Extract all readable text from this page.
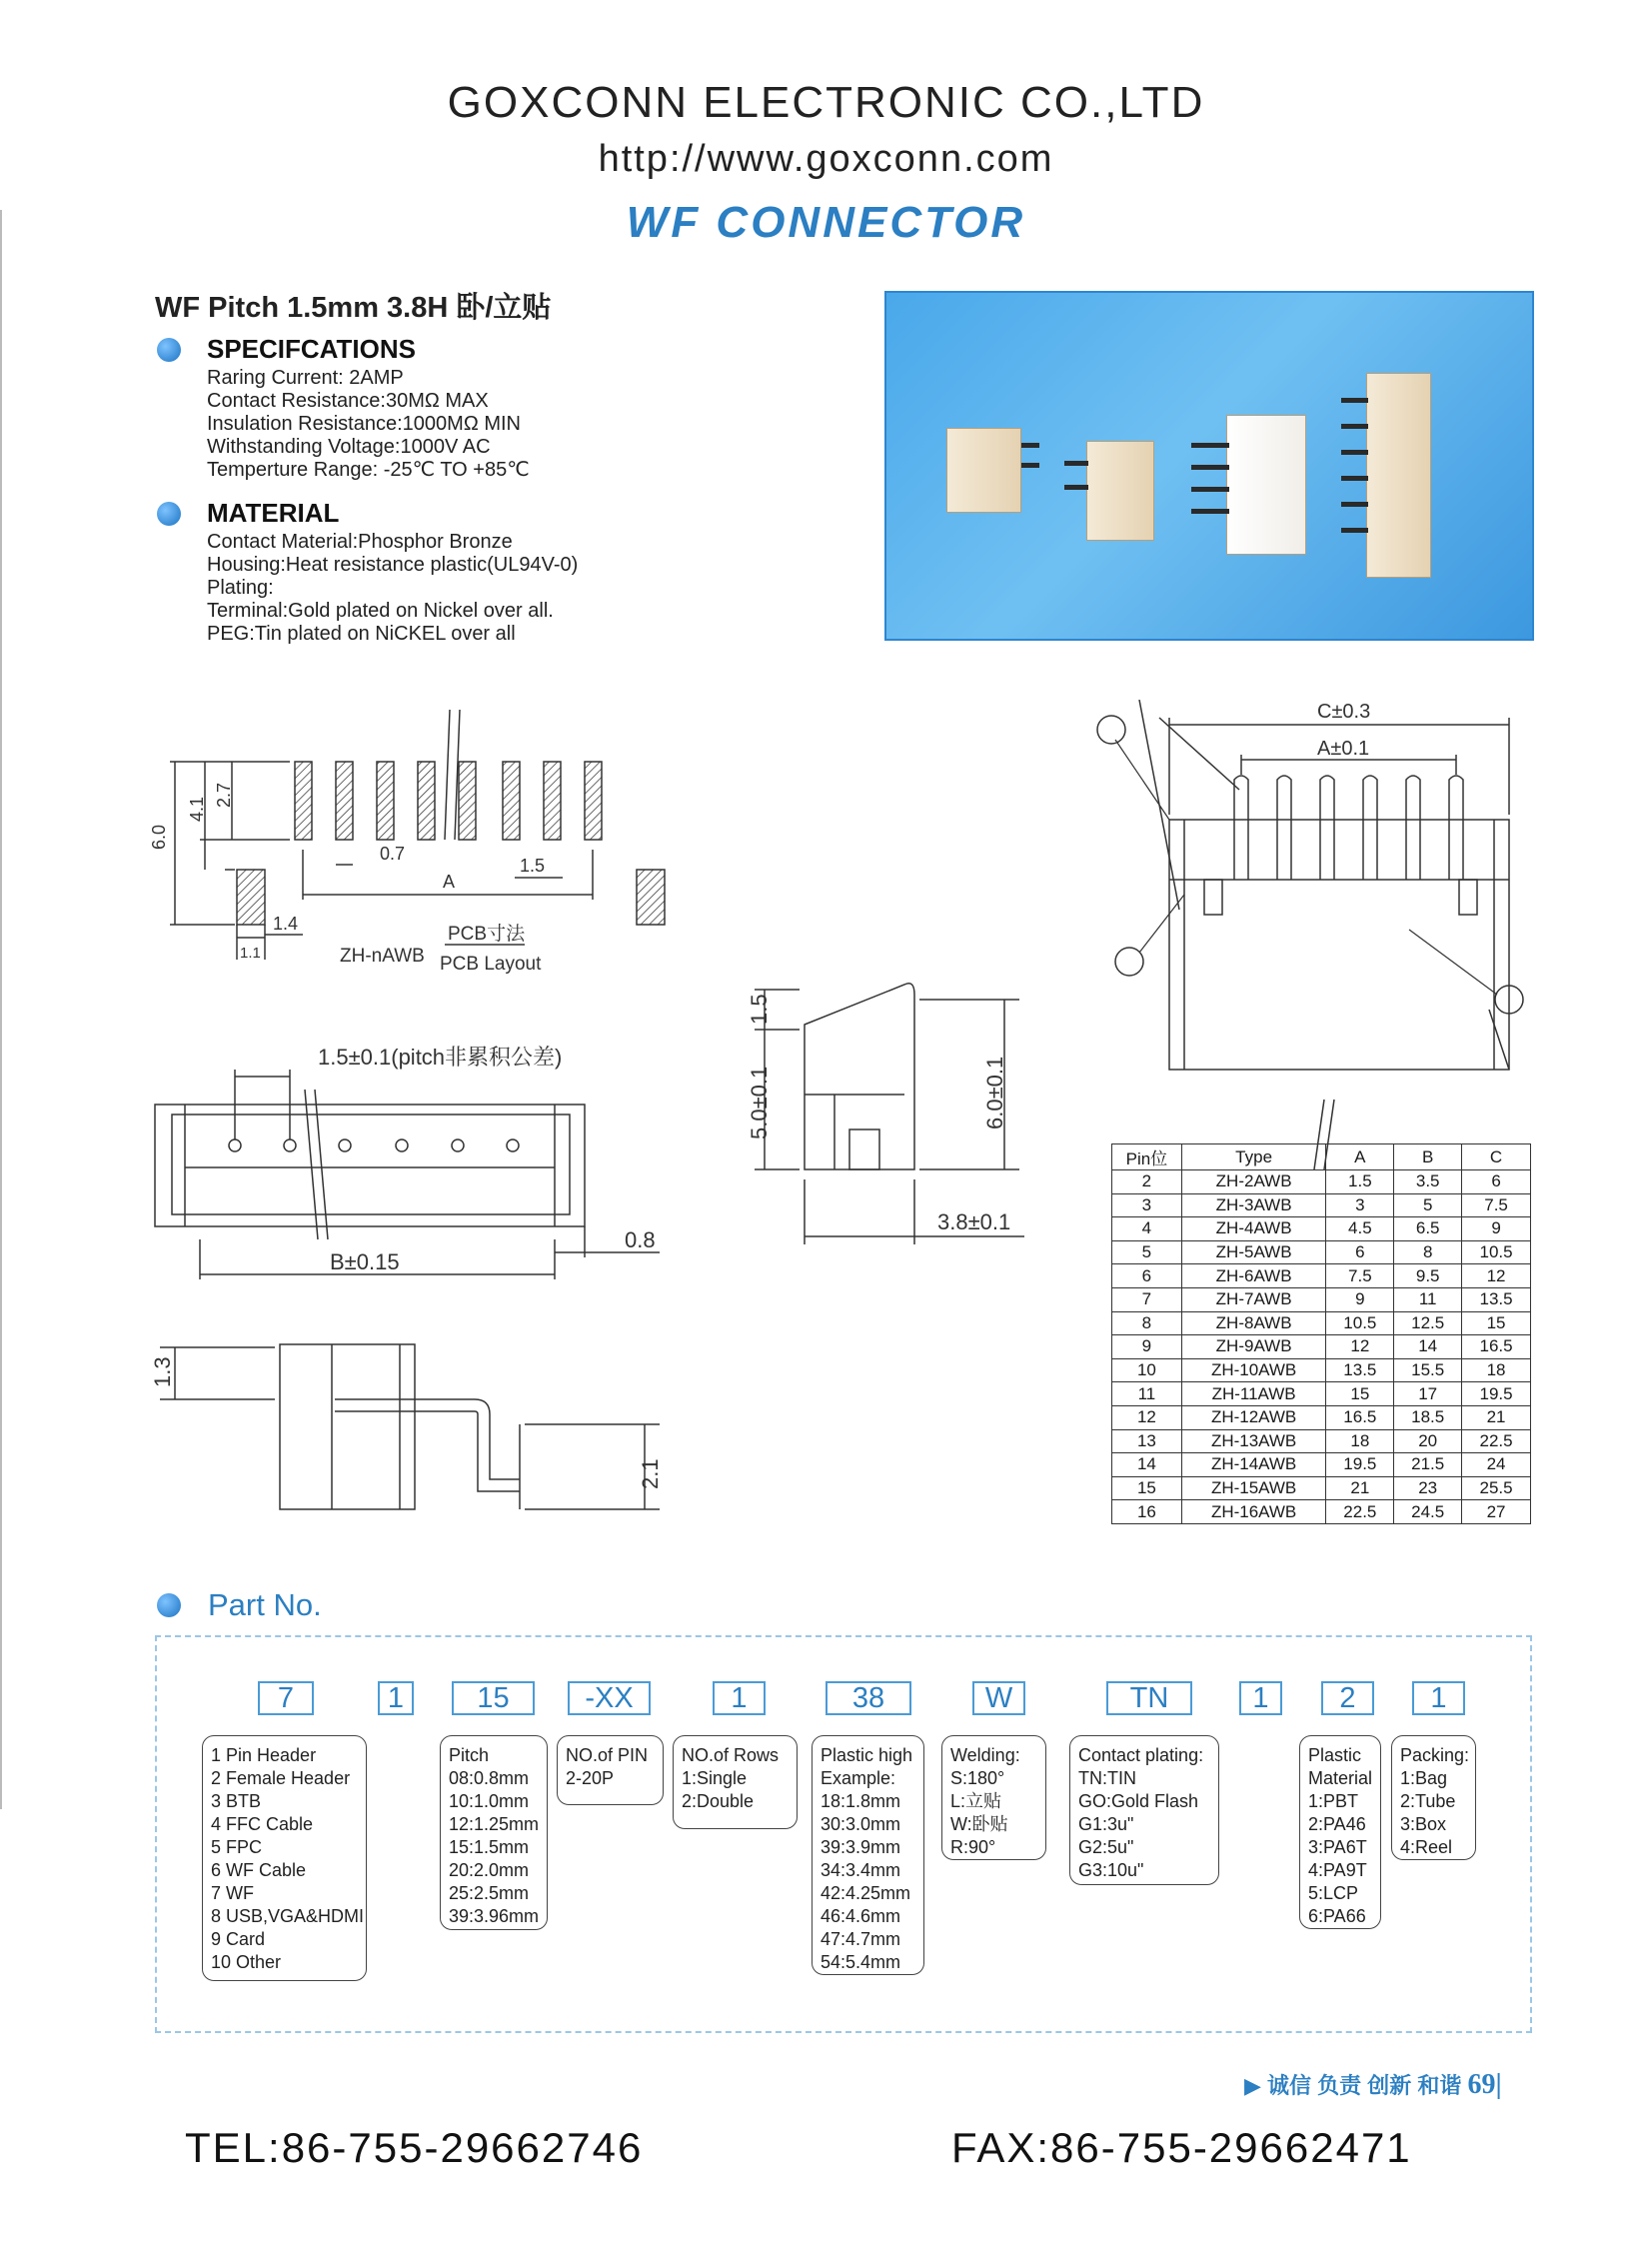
GOXCONN ELECTRONIC CO.,LTD
http://www.goxconn.com
WF CONNECTOR
WF Pitch 1.5mm 3.8H 卧/立贴
SPECIFCATIONS
Raring Current: 2AMP
Contact Resistance:30MΩ MAX
Insulation Resistance:1000MΩ MIN
Withstanding Voltage:1000V AC
Temperture Range: -25℃ TO +85℃
MATERIAL
Contact Material:Phosphor Bronze
Housing:Heat resistance plastic(UL94V-0)
Plating:
Terminal:Gold plated on Nickel over all.
PEG:Tin plated on NiCKEL over all
6.0
4.1
2.7
0.7
1.5
A
1.4
1.1	ZH-nAWB
PCB寸法
PCB Layout
1.5±0.1(pitch非累积公差)
B±0.15
0.8
1.3
2.1
1.5
5.0±0.1	6.0±0.1
3.8±0.1
C±0.3
A±0.1
Pin位	Type	A	B	C
2	ZH-2AWB	1.5	3.5	6
3	ZH-3AWB	3	5	7.5
4	ZH-4AWB	4.5	6.5	9
5	ZH-5AWB	6	8	10.5
6	ZH-6AWB	7.5	9.5	12
7	ZH-7AWB	9	11	13.5
8	ZH-8AWB	10.5	12.5	15
9	ZH-9AWB	12	14	16.5
10	ZH-10AWB	13.5	15.5	18
11	ZH-11AWB	15	17	19.5
12	ZH-12AWB	16.5	18.5	21
13	ZH-13AWB	18	20	22.5
14	ZH-14AWB	19.5	21.5	24
15	ZH-15AWB	21	23	25.5
16	ZH-16AWB	22.5	24.5	27
Part No.
7	1	15	-XX	1	38	W	TN	1	2	1
1 Pin Header
2 Female Header
3 BTB
4 FFC Cable
5 FPC
6 WF Cable
7 WF
8 USB,VGA&HDMI
9 Card
10 Other
Pitch
08:0.8mm
10:1.0mm
12:1.25mm
15:1.5mm
20:2.0mm
25:2.5mm
39:3.96mm
NO.of PIN
2-20P
NO.of Rows
1:Single
2:Double
Plastic high
Example:
18:1.8mm
30:3.0mm
39:3.9mm
34:3.4mm
42:4.25mm
46:4.6mm
47:4.7mm
54:5.4mm
Welding:
S:180°
L:立贴
W:卧贴
R:90°
Contact plating:
TN:TIN
GO:Gold Flash
G1:3u"
G2:5u"
G3:10u"
Plastic
Material
1:PBT
2:PA46
3:PA6T
4:PA9T
5:LCP
6:PA66
Packing:
1:Bag
2:Tube
3:Box
4:Reel
▶ 诚信 负责 创新 和谐 69|
TEL:86-755-29662746	FAX:86-755-29662471
